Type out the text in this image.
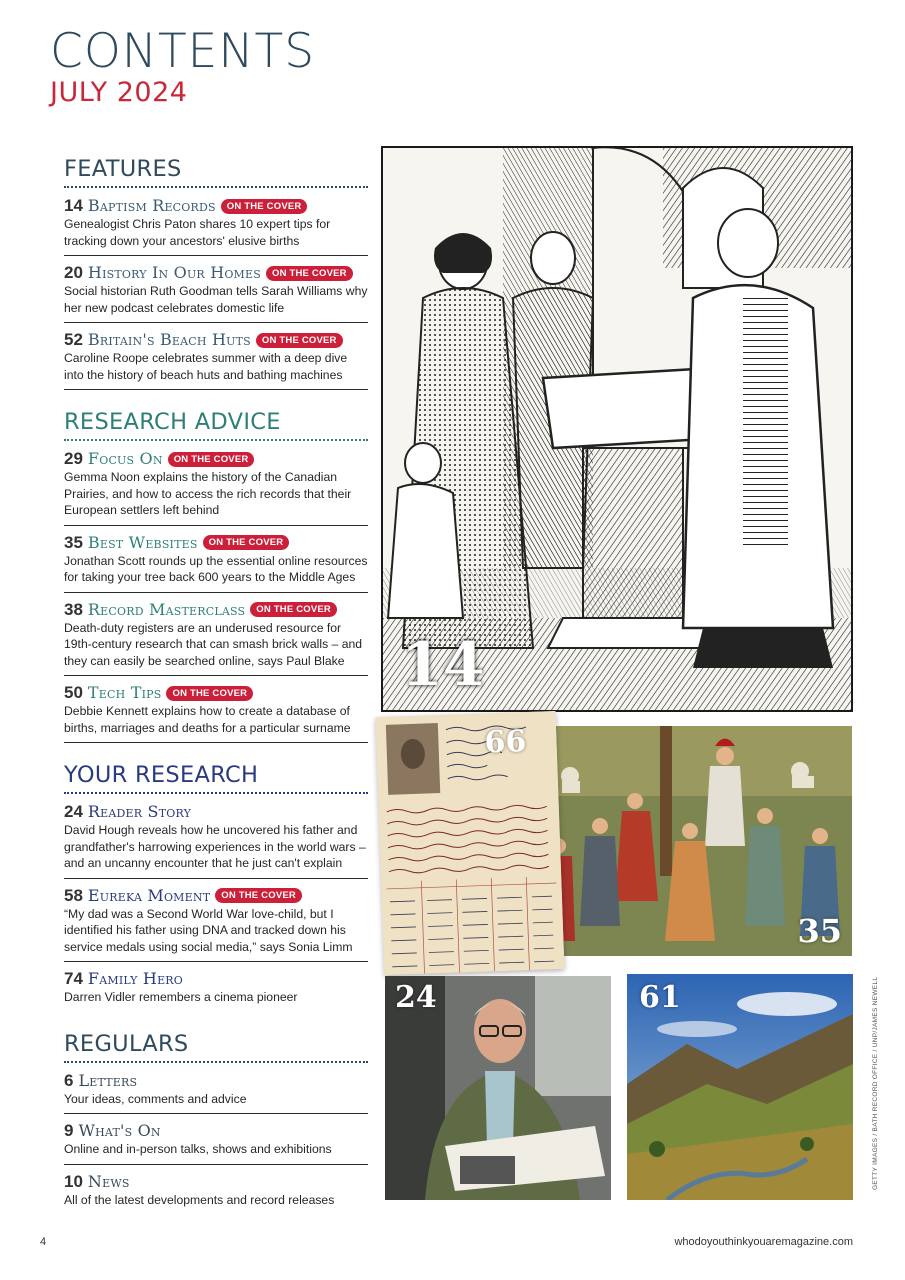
CONTENTS
JULY 2024
FEATURES
14 Baptism Records	ON THE COVER
Genealogist Chris Paton shares 10 expert tips for tracking down your ancestors' elusive births
20 History In Our Homes	ON THE COVER
Social historian Ruth Goodman tells Sarah Williams why her new podcast celebrates domestic life
52 Britain's Beach Huts	ON THE COVER
Caroline Roope celebrates summer with a deep dive into the history of beach huts and bathing machines
RESEARCH ADVICE
29 Focus On	ON THE COVER
Gemma Noon explains the history of the Canadian Prairies, and how to access the rich records that their European settlers left behind
35 Best Websites	ON THE COVER
Jonathan Scott rounds up the essential online resources for taking your tree back 600 years to the Middle Ages
38 Record Masterclass	ON THE COVER
Death-duty registers are an underused resource for 19th-century research that can smash brick walls – and they can easily be searched online, says Paul Blake
50 Tech Tips	ON THE COVER
Debbie Kennett explains how to create a database of births, marriages and deaths for a particular surname
YOUR RESEARCH
24 Reader Story
David Hough reveals how he uncovered his father and grandfather's harrowing experiences in the world wars – and an uncanny encounter that he just can't explain
58 Eureka Moment	ON THE COVER
“My dad was a Second World War love-child, but I identified his father using DNA and tracked down his service medals using social media,” says Sonia Limm
74 Family Hero
Darren Vidler remembers a cinema pioneer
REGULARS
6 Letters
Your ideas, comments and advice
9 What's On
Online and in-person talks, shows and exhibitions
10 News
All of the latest developments and record releases
14
35
66
24	61	GETTY IMAGES / BATH RECORD OFFICE / UNP/JAMES NEWELL
4	whodoyouthinkyouaremagazine.com
